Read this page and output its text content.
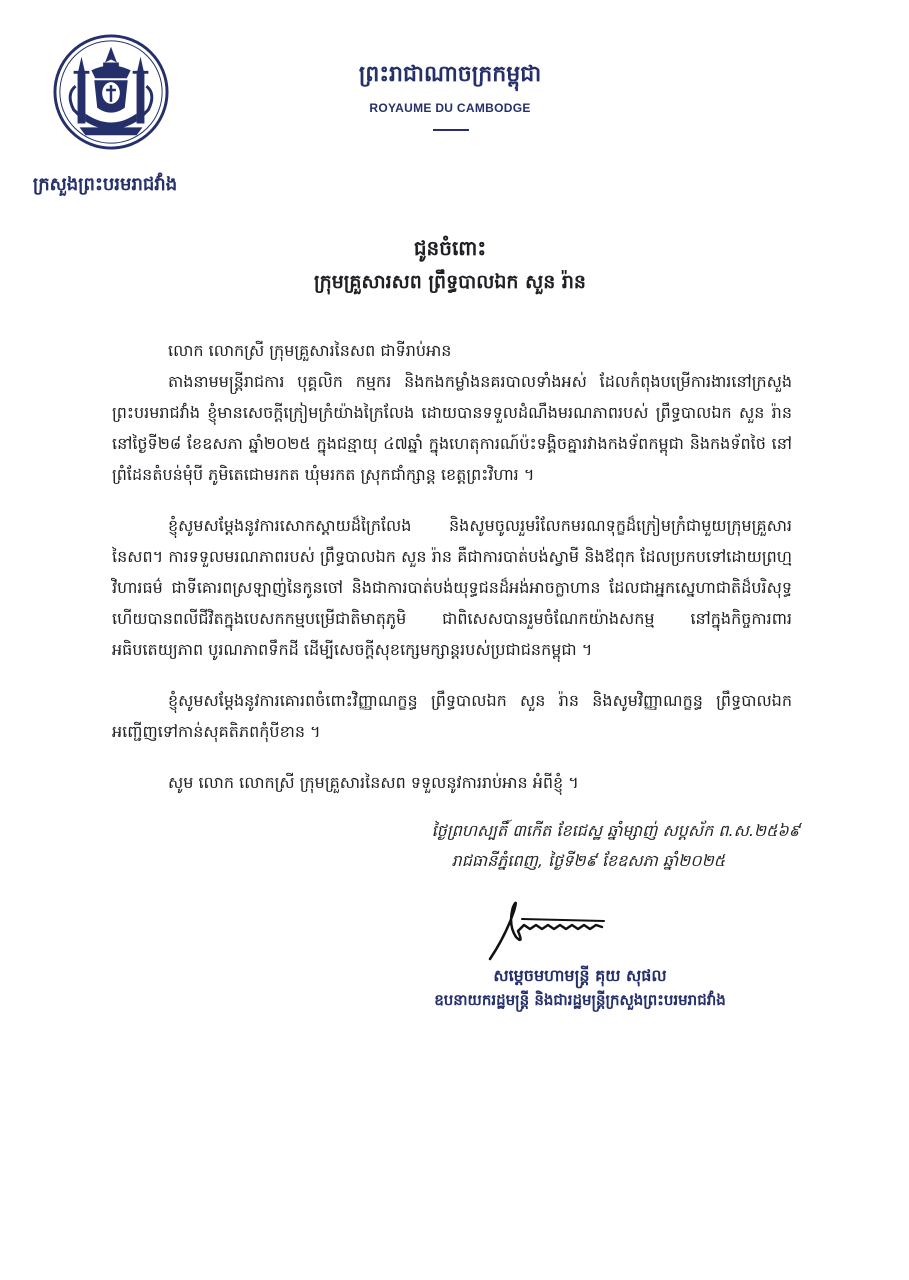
ក្រសួងព្រះបរមរាជវាំង
ព្រះរាជាណាចក្រកម្ពុជា
ROYAUME DU CAMBODGE
ជូនចំពោះ
ក្រុមគ្រួសារសព ព្រឹទ្ធបាលឯក សួន រ៉ាន

លោក លោកស្រី ក្រុមគ្រួសារនៃសព ជាទីរាប់អាន

តាងនាមមន្ត្រីរាជការ បុគ្គលិក កម្មករ និងកងកម្លាំងនគរបាលទាំងអស់ ដែលកំពុងបម្រើការងារនៅក្រសួងព្រះបរមរាជវាំង ខ្ញុំមានសេចក្តីក្រៀមក្រំយ៉ាងក្រៃលែង ដោយបានទទួលដំណឹងមរណភាពរបស់ ព្រឹទ្ធបាលឯក សួន រ៉ាន នៅថ្ងៃទី២៨ ខែឧសភា ឆ្នាំ២០២៥ ក្នុងជន្មាយុ ៤៧ឆ្នាំ ក្នុងហេតុការណ៍ប៉ះទង្គិចគ្នារវាងកងទ័ពកម្ពុជា និងកងទ័ពថៃ នៅព្រំដែនតំបន់មុំបី ភូមិតេជោមរកត ឃុំមរកត ស្រុកជាំក្សាន្ត ខេត្តព្រះវិហារ ។

ខ្ញុំសូមសម្តែងនូវការសោកស្តាយដ៏ក្រៃលែង និងសូមចូលរួមរំលែកមរណទុក្ខដ៏ក្រៀមក្រំជាមួយក្រុមគ្រួសារនៃសព។ ការទទួលមរណភាពរបស់ ព្រឹទ្ធបាលឯក សួន រ៉ាន គឺជាការបាត់បង់ស្វាមី និងឪពុក ដែលប្រកបទៅដោយព្រហ្មវិហារធម៌ ជាទីគោរពស្រឡាញ់នៃកូនចៅ និងជាការបាត់បង់យុទ្ធជនដ៏អង់អាចក្លាហាន ដែលជាអ្នកស្នេហាជាតិដ៏បរិសុទ្ធ ហើយបានពលីជីវិតក្នុងបេសកកម្មបម្រើជាតិមាតុភូមិ ជាពិសេសបានរួមចំណែកយ៉ាងសកម្ម នៅក្នុងកិច្ចការពារអធិបតេយ្យភាព បូរណភាពទឹកដី ដើម្បីសេចក្តីសុខក្សេមក្សាន្តរបស់ប្រជាជនកម្ពុជា ។

ខ្ញុំសូមសម្តែងនូវការគោរពចំពោះវិញ្ញាណក្ខន្ធ ព្រឹទ្ធបាលឯក សួន រ៉ាន និងសូមវិញ្ញាណក្ខន្ធ ព្រឹទ្ធបាលឯក អញ្ជើញទៅកាន់សុគតិភពកុំបីខាន ។

សូម លោក លោកស្រី ក្រុមគ្រួសារនៃសព ទទួលនូវការរាប់អាន អំពីខ្ញុំ ។

ថ្ងៃព្រហស្បតិ៍ ៣កើត ខែជេស្ឋ ឆ្នាំម្សាញ់ សប្តស័ក ព.ស.២៥៦៩
រាជធានីភ្នំពេញ, ថ្ងៃទី២៩ ខែឧសភា ឆ្នាំ២០២៥
សម្តេចមហាមន្ត្រី គុយ សុផល
ឧបនាយករដ្ឋមន្ត្រី និងជារដ្ឋមន្ត្រីក្រសួងព្រះបរមរាជវាំង
